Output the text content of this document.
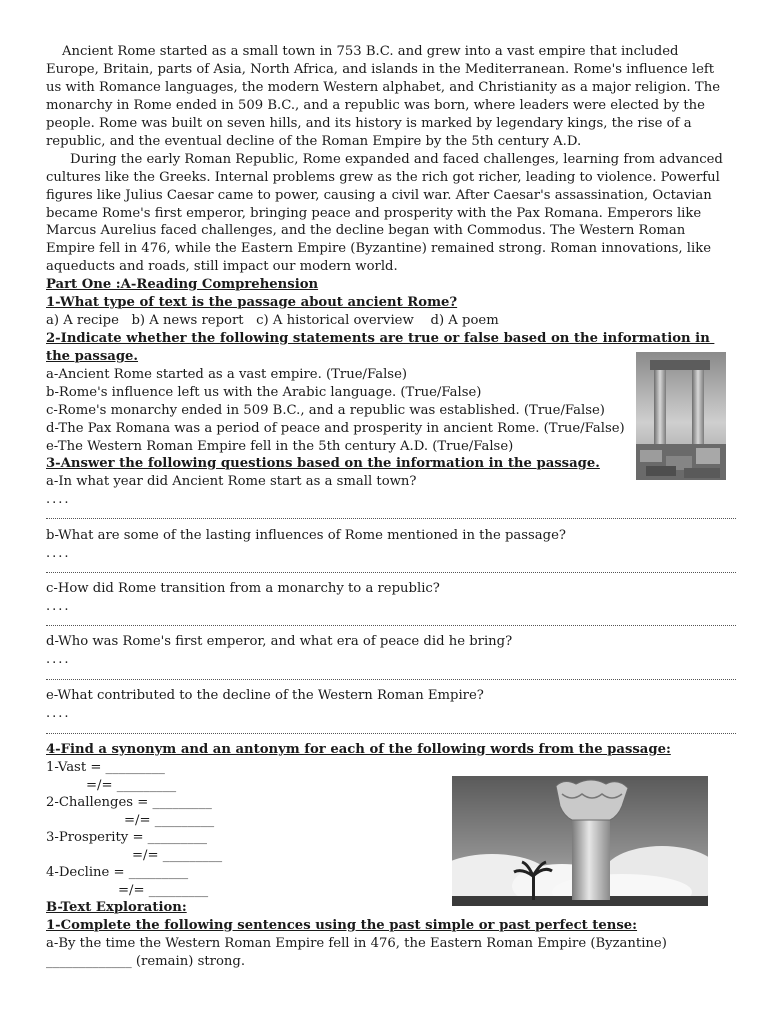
Ancient Rome started as a small town in 753 B.C. and grew into a vast empire that included
Europe, Britain, parts of Asia, North Africa, and islands in the Mediterranean. Rome's influence left
us with Romance languages, the modern Western alphabet, and Christianity as a major religion. The
monarchy in Rome ended in 509 B.C., and a republic was born, where leaders were elected by the
people. Rome was built on seven hills, and its history is marked by legendary kings, the rise of a
republic, and the eventual decline of the Roman Empire by the 5th century A.D.
During the early Roman Republic, Rome expanded and faced challenges, learning from advanced
cultures like the Greeks. Internal problems grew as the rich got richer, leading to violence. Powerful
figures like Julius Caesar came to power, causing a civil war. After Caesar's assassination, Octavian
became Rome's first emperor, bringing peace and prosperity with the Pax Romana. Emperors like
Marcus Aurelius faced challenges, and the decline began with Commodus. The Western Roman
Empire fell in 476, while the Eastern Empire (Byzantine) remained strong. Roman innovations, like
aqueducts and roads, still impact our modern world.
Part One :A-Reading Comprehension
1-What type of text is the passage about ancient Rome?
a) A recipe   b) A news report   c) A historical overview    d) A poem
2-Indicate whether the following statements are true or false based on the information in
the passage.
a-Ancient Rome started as a vast empire. (True/False)
b-Rome's influence left us with the Arabic language. (True/False)
c-Rome's monarchy ended in 509 B.C., and a republic was established. (True/False)
d-The Pax Romana was a period of peace and prosperity in ancient Rome. (True/False)
e-The Western Roman Empire fell in the 5th century A.D. (True/False)
3-Answer the following questions based on the information in the passage.
a-In what year did Ancient Rome start as a small town?
....
b-What are some of the lasting influences of Rome mentioned in the passage?
....
c-How did Rome transition from a monarchy to a republic?
....
d-Who was Rome's first emperor, and what era of peace did he bring?
....
e-What contributed to the decline of the Western Roman Empire?
....
4-Find a synonym and an antonym for each of the following words from the passage:
1-Vast = _________
=/= _________
2-Challenges = _________
=/= _________
3-Prosperity = _________
=/= _________
4-Decline = _________
=/= _________
B-Text Exploration:
1-Complete the following sentences using the past simple or past perfect tense:
a-By the time the Western Roman Empire fell in 476, the Eastern Roman Empire (Byzantine)
_____________ (remain) strong.
